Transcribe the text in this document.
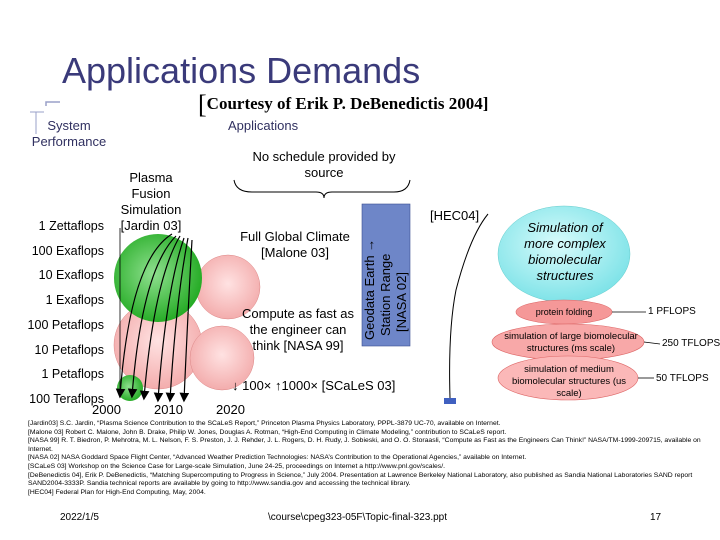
Applications Demands
[Courtesy of Erik P. DeBenedictis 2004]
System Performance
Applications
No schedule provided by source
Plasma Fusion Simulation [Jardin 03]
1 Zettaflops
100 Exaflops
10 Exaflops
1 Exaflops
100 Petaflops
10 Petaflops
1 Petaflops
100 Teraflops
2000	2010	2020
Full Global Climate [Malone 03]
Compute as fast as the engineer can think [NASA 99]
Geodata Earth → Station Range [NASA 02]
[HEC04]
Simulation of more complex biomolecular structures
protein folding
simulation of large biomolecular structures (ms scale)
simulation of medium biomolecular structures (us scale)
1 PFLOPS
250 TFLOPS
50 TFLOPS
↓ 100× ↑1000× [SCaLeS 03]
[Jardin03] S.C. Jardin, “Plasma Science Contribution to the SCaLeS Report,” Princeton Plasma Physics Laboratory, PPPL-3879 UC-70, available on Internet.
[Malone 03] Robert C. Malone, John B. Drake, Philip W. Jones, Douglas A. Rotman, “High-End Computing in Climate Modeling,” contribution to SCaLeS report.
[NASA 99] R. T. Biedron, P. Mehrotra, M. L. Nelson, F. S. Preston, J. J. Rehder, J. L. Rogers, D. H. Rudy, J. Sobieski, and O. O. Storaasli, “Compute as Fast as the Engineers Can Think!” NASA/TM-1999-209715, available on Internet.
[NASA 02] NASA Goddard Space Flight Center, “Advanced Weather Prediction Technologies: NASA’s Contribution to the Operational Agencies,” available on Internet.
[SCaLeS 03] Workshop on the Science Case for Large-scale Simulation, June 24-25, proceedings on Internet a http://www.pnl.gov/scales/.
[DeBenedictis 04], Erik P. DeBenedictis, “Matching Supercomputing to Progress in Science,” July 2004. Presentation at Lawrence Berkeley National Laboratory, also published as Sandia National Laboratories SAND report SAND2004-3333P. Sandia technical reports are available by going to http://www.sandia.gov and accessing the technical library.
[HEC04] Federal Plan for High-End Computing, May, 2004.
2022/1/5	\course\cpeg323-05F\Topic-final-323.ppt	17
